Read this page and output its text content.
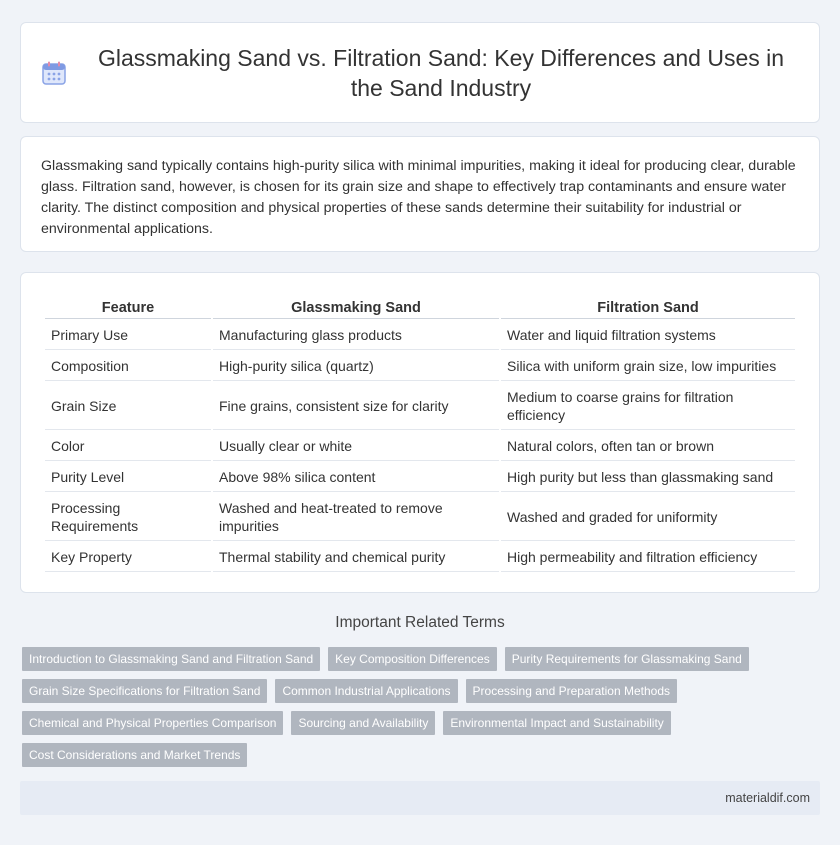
Glassmaking Sand vs. Filtration Sand: Key Differences and Uses in the Sand Industry

Glassmaking sand typically contains high-purity silica with minimal impurities, making it ideal for producing clear, durable glass. Filtration sand, however, is chosen for its grain size and shape to effectively trap contaminants and ensure water clarity. The distinct composition and physical properties of these sands determine their suitability for industrial or environmental applications.

Feature	Glassmaking Sand	Filtration Sand
Primary Use	Manufacturing glass products	Water and liquid filtration systems
Composition	High-purity silica (quartz)	Silica with uniform grain size, low impurities
Grain Size	Fine grains, consistent size for clarity	Medium to coarse grains for filtration efficiency
Color	Usually clear or white	Natural colors, often tan or brown
Purity Level	Above 98% silica content	High purity but less than glassmaking sand
Processing Requirements	Washed and heat-treated to remove impurities	Washed and graded for uniformity
Key Property	Thermal stability and chemical purity	High permeability and filtration efficiency
Important Related Terms
Introduction to Glassmaking Sand and Filtration Sand	Key Composition Differences	Purity Requirements for Glassmaking Sand
Grain Size Specifications for Filtration Sand	Common Industrial Applications	Processing and Preparation Methods
Chemical and Physical Properties Comparison	Sourcing and Availability	Environmental Impact and Sustainability
Cost Considerations and Market Trends
materialdif.com
